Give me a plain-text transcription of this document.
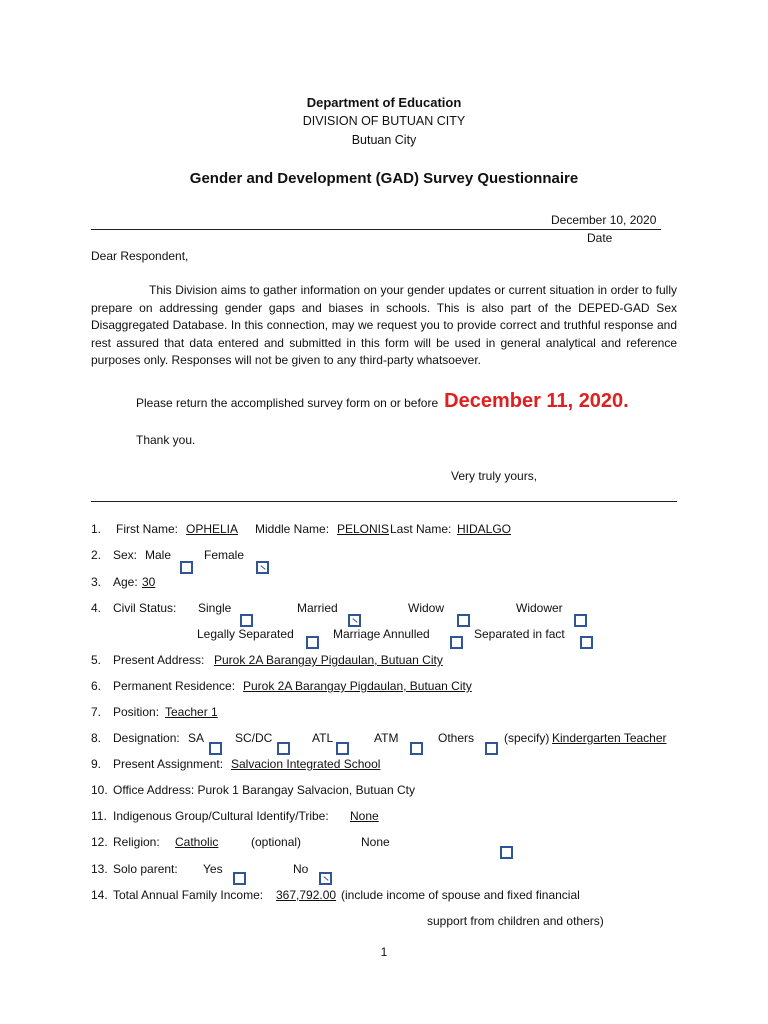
Department of Education
DIVISION OF BUTUAN CITY
Butuan City
Gender and Development (GAD) Survey Questionnaire
December 10, 2020
Date
Dear Respondent,
This Division aims to gather information on your gender updates or current situation in order to fully prepare on addressing gender gaps and biases in schools. This is also part of the DEPED-GAD Sex Disaggregated Database. In this connection, may we request you to provide correct and truthful response and rest assured that data entered and submitted in this form will be used in general analytical and reference purposes only. Responses will not be given to any third-party whatsoever.
Please return the accomplished survey form on or before December 11, 2020.
Thank you.
Very truly yours,
1. First Name: OPHELIA Middle Name: PELONIS Last Name: HIDALGO
2. Sex: Male	Female
3. Age: 30
4. Civil Status: Single	Married	Widow	Widower
Legally Separated	Marriage Annulled	Separated in fact
5. Present Address: Purok 2A Barangay Pigdaulan, Butuan City
6. Permanent Residence: Purok 2A Barangay Pigdaulan, Butuan City
7. Position: Teacher 1
8. Designation: SA	SC/DC	ATL	ATM	Others (specify) Kindergarten Teacher
9. Present Assignment: Salvacion Integrated School
10. Office Address: Purok 1 Barangay Salvacion, Butuan Cty
11. Indigenous Group/Cultural Identify/Tribe: None
12. Religion: Catholic	(optional)	None
13. Solo parent: Yes	No
14. Total Annual Family Income: 367,792.00 (include income of spouse and fixed financial
support from children and others)
1
